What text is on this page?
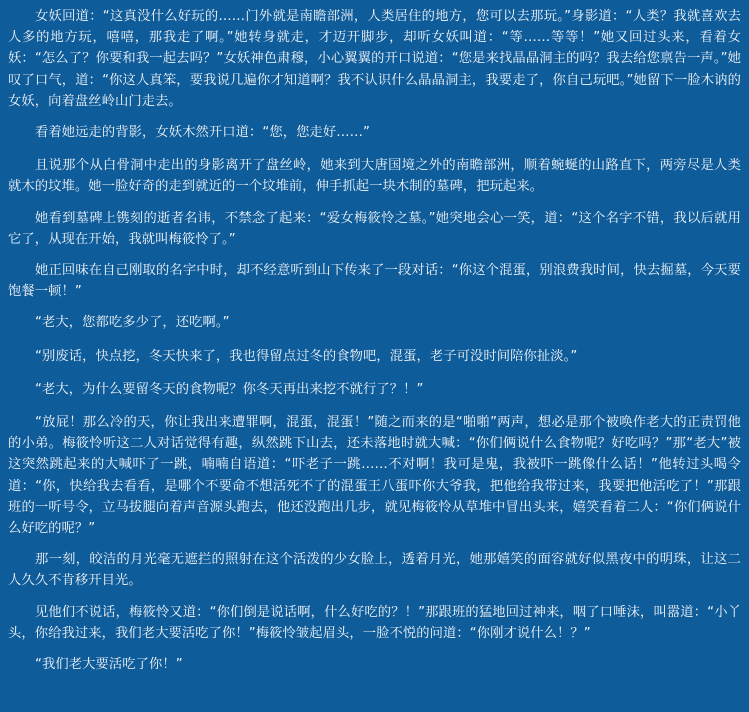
女妖回道：“这真没什么好玩的……门外就是南瞻部洲，人类居住的地方，您可以去那玩。”身影道：“人类？我就喜欢去人多的地方玩，嘻嘻，那我走了啊。”她转身就走，才迈开脚步，却听女妖叫道：“等……等等！”她又回过头来，看着女妖：“怎么了？你要和我一起去吗？”女妖神色肃穆，小心翼翼的开口说道：“您是来找晶晶洞主的吗？我去给您禀告一声。”她叹了口气，道：“你这人真笨，要我说几遍你才知道啊？我不认识什么晶晶洞主，我要走了，你自己玩吧。”她留下一脸木讷的女妖，向着盘丝岭山门走去。

看着她远走的背影，女妖木然开口道：“您，您走好……”

且说那个从白骨洞中走出的身影离开了盘丝岭，她来到大唐国境之外的南瞻部洲，顺着蜿蜒的山路直下，两旁尽是人类就木的坟堆。她一脸好奇的走到就近的一个坟堆前，伸手抓起一块木制的墓碑，把玩起来。

她看到墓碑上镌刻的逝者名讳，不禁念了起来：“爱女梅筱怜之墓。”她突地会心一笑，道：“这个名字不错，我以后就用它了，从现在开始，我就叫梅筱怜了。”

她正回味在自己刚取的名字中时，却不经意听到山下传来了一段对话：“你这个混蛋，别浪费我时间，快去掘墓，今天要饱餐一顿！”

“老大，您都吃多少了，还吃啊。”

“别废话，快点挖，冬天快来了，我也得留点过冬的食物吧，混蛋，老子可没时间陪你扯淡。”

“老大，为什么要留冬天的食物呢？你冬天再出来挖不就行了？！”

“放屁！那么冷的天，你让我出来遭罪啊，混蛋，混蛋！”随之而来的是“啪啪”两声，想必是那个被唤作老大的正责罚他的小弟。梅筱怜听这二人对话觉得有趣，纵然跳下山去，还未落地时就大喊：“你们俩说什么食物呢？好吃吗？”那“老大”被这突然跳起来的大喊吓了一跳，喃喃自语道：“吓老子一跳……不对啊！我可是鬼，我被吓一跳像什么话！”他转过头喝令道：“你，快给我去看看，是哪个不要命不想活死不了的混蛋王八蛋吓你大爷我，把他给我带过来，我要把他活吃了！”那跟班的一听号令，立马拔腿向着声音源头跑去，他还没跑出几步，就见梅筱怜从草堆中冒出头来，嬉笑看着二人：“你们俩说什么好吃的呢？”

那一刻，皎洁的月光毫无遮拦的照射在这个活泼的少女脸上，透着月光，她那嬉笑的面容就好似黑夜中的明珠，让这二人久久不肯移开目光。

见他们不说话，梅筱怜又道：“你们倒是说话啊，什么好吃的？！”那跟班的猛地回过神来，咽了口唾沫，叫嚣道：“小丫头，你给我过来，我们老大要活吃了你！”梅筱怜皱起眉头，一脸不悦的问道：“你刚才说什么！？”

“我们老大要活吃了你！”
